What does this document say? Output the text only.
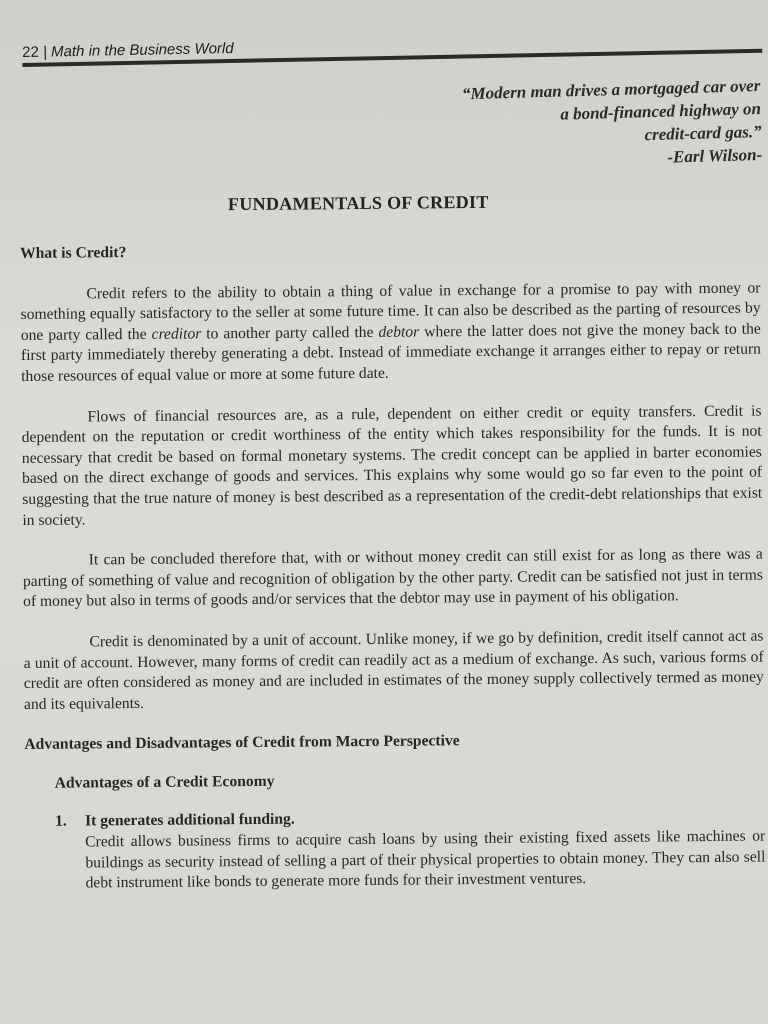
22 | Math in the Business World
“Modern man drives a mortgaged car over
a bond-financed highway on
credit-card gas.”
-Earl Wilson-
FUNDAMENTALS OF CREDIT
What is Credit?

Credit refers to the ability to obtain a thing of value in exchange for a promise to pay with money or something equally satisfactory to the seller at some future time. It can also be described as the parting of resources by one party called the creditor to another party called the debtor where the latter does not give the money back to the first party immediately thereby generating a debt. Instead of immediate exchange it arranges either to repay or return those resources of equal value or more at some future date.

Flows of financial resources are, as a rule, dependent on either credit or equity transfers. Credit is dependent on the reputation or credit worthiness of the entity which takes responsibility for the funds. It is not necessary that credit be based on formal monetary systems. The credit concept can be applied in barter economies based on the direct exchange of goods and services. This explains why some would go so far even to the point of suggesting that the true nature of money is best described as a representation of the credit-debt relationships that exist in society.

It can be concluded therefore that, with or without money credit can still exist for as long as there was a parting of something of value and recognition of obligation by the other party. Credit can be satisfied not just in terms of money but also in terms of goods and/or services that the debtor may use in payment of his obligation.

Credit is denominated by a unit of account. Unlike money, if we go by definition, credit itself cannot act as a unit of account. However, many forms of credit can readily act as a medium of exchange. As such, various forms of credit are often considered as money and are included in estimates of the money supply collectively termed as money and its equivalents.

Advantages and Disadvantages of Credit from Macro Perspective
Advantages of a Credit Economy
1.	It generates additional funding.
Credit allows business firms to acquire cash loans by using their existing fixed assets like machines or buildings as security instead of selling a part of their physical properties to obtain money. They can also sell debt instrument like bonds to generate more funds for their investment ventures.
